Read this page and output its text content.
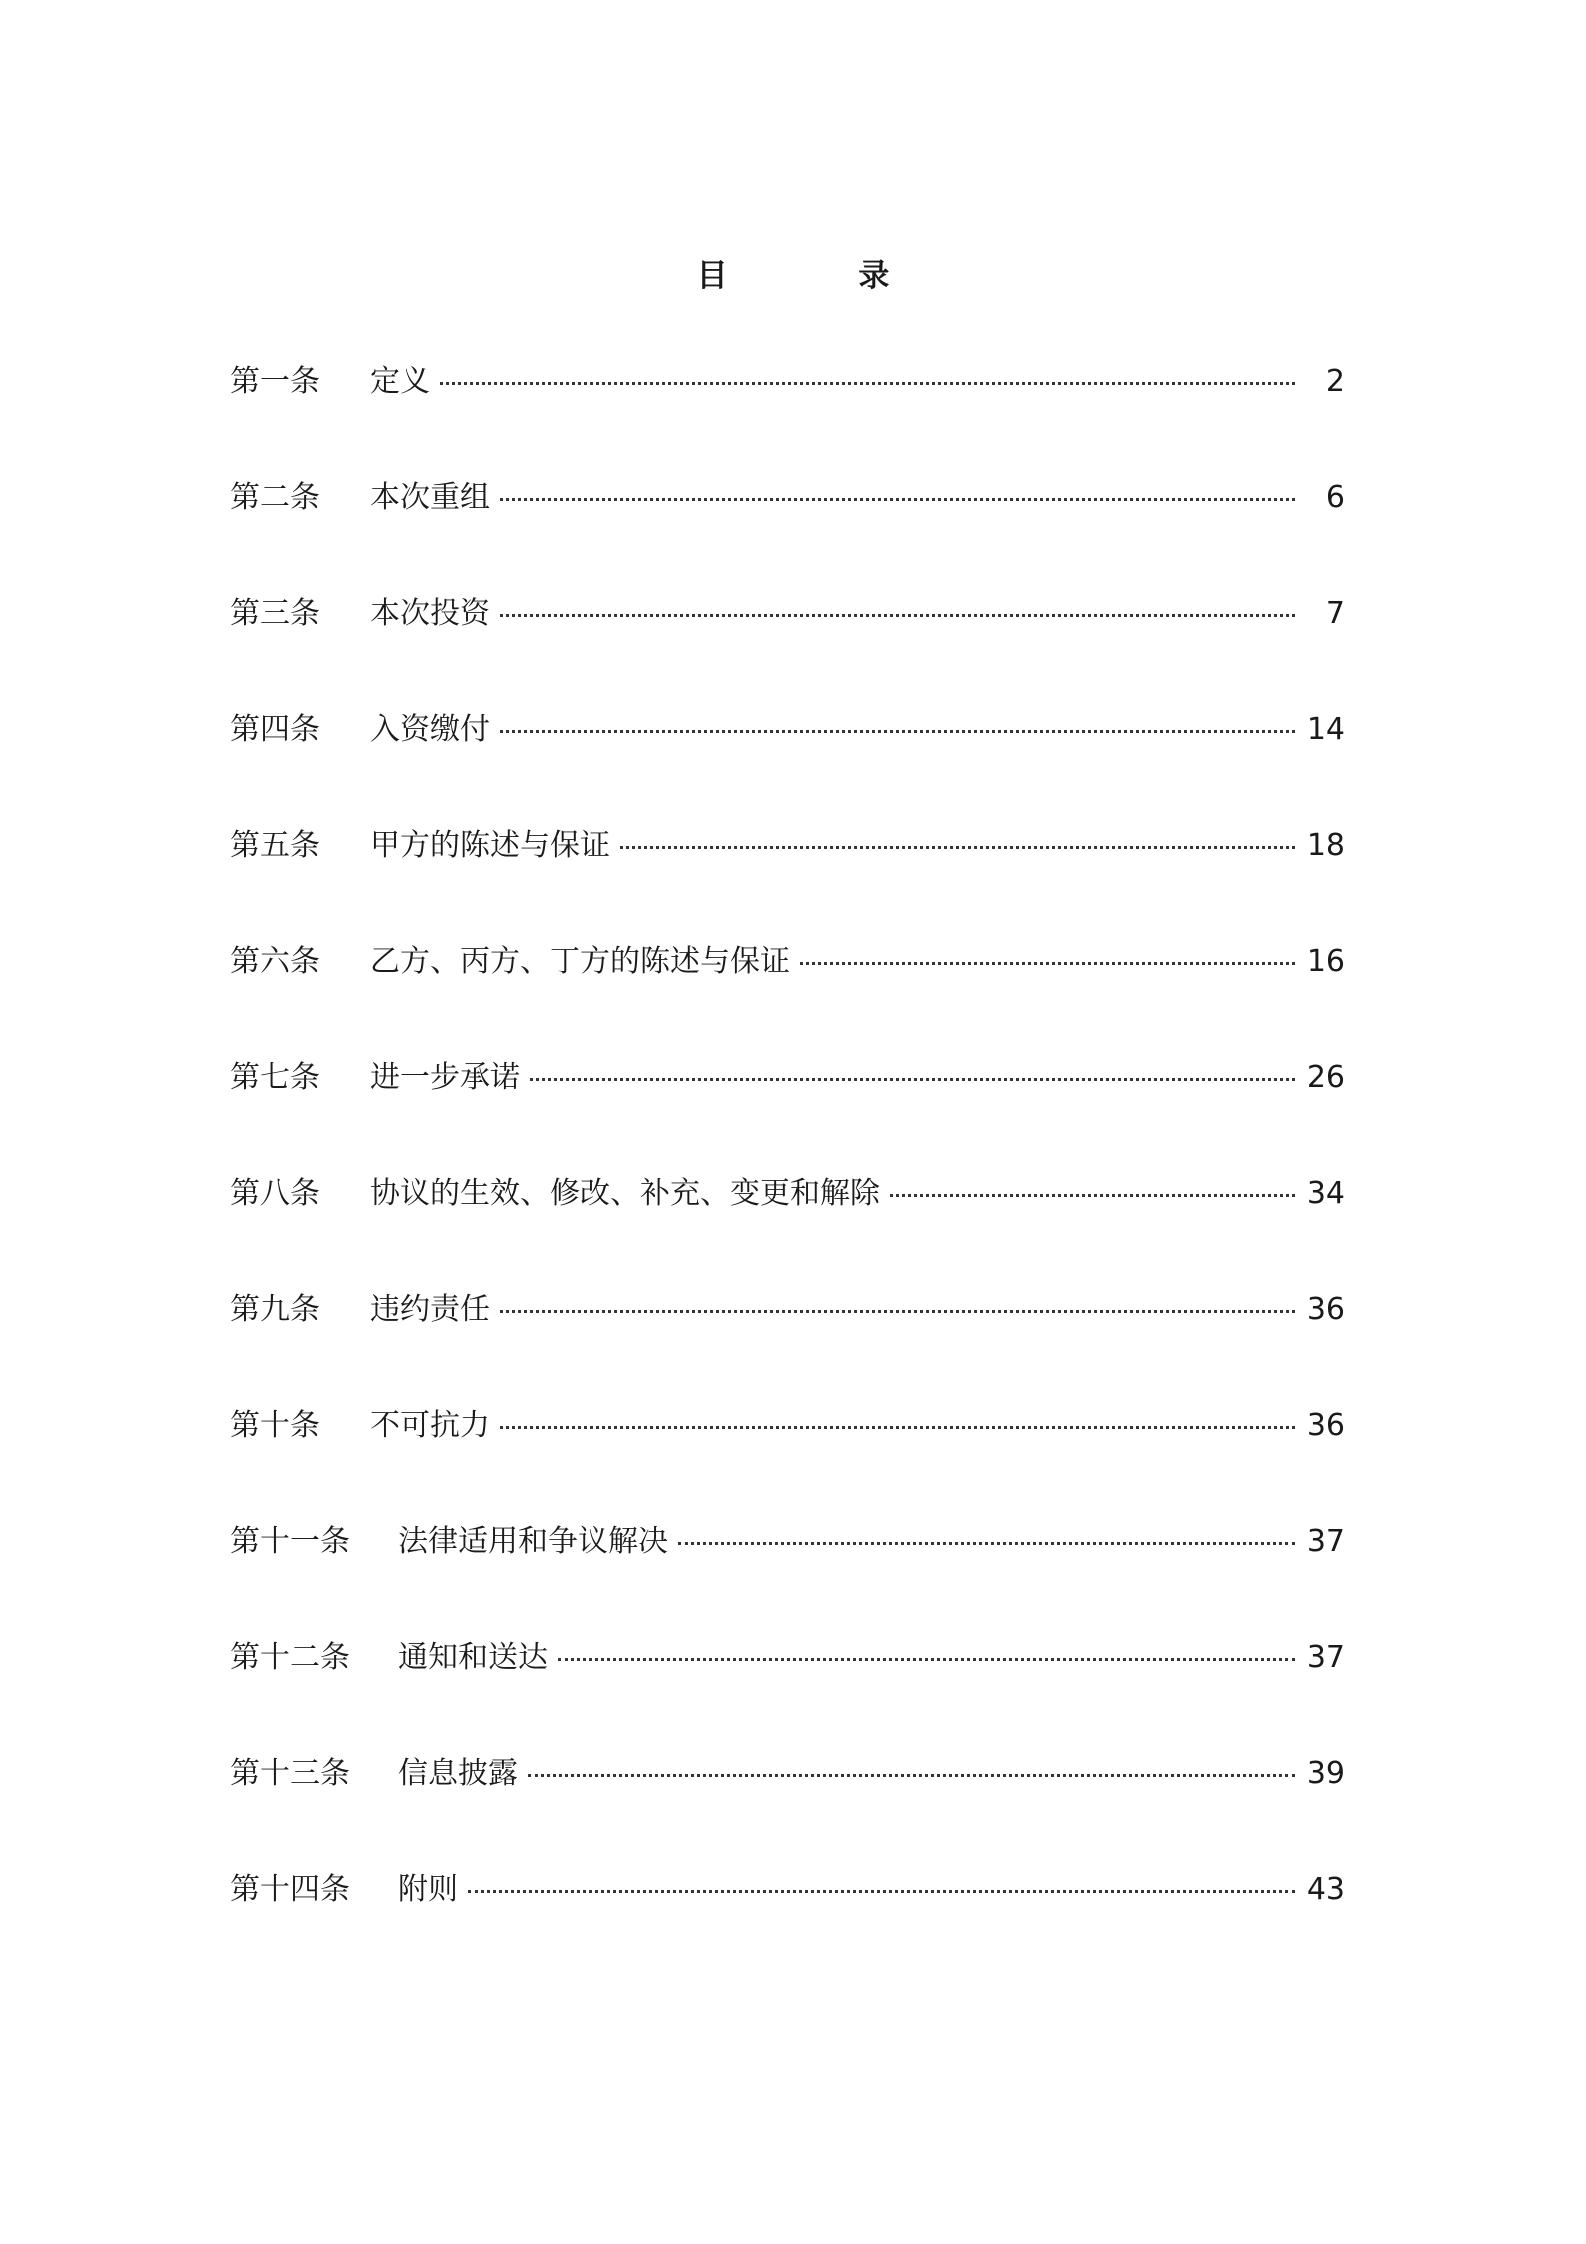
目 录
第一条	定义	2
第二条	本次重组	6
第三条	本次投资	7
第四条	入资缴付	14
第五条	甲方的陈述与保证	18
第六条	乙方、丙方、丁方的陈述与保证	16
第七条	进一步承诺	26
第八条	协议的生效、修改、补充、变更和解除	34
第九条	违约责任	36
第十条	不可抗力	36
第十一条	法律适用和争议解决	37
第十二条	通知和送达	37
第十三条	信息披露	39
第十四条	附则	43
